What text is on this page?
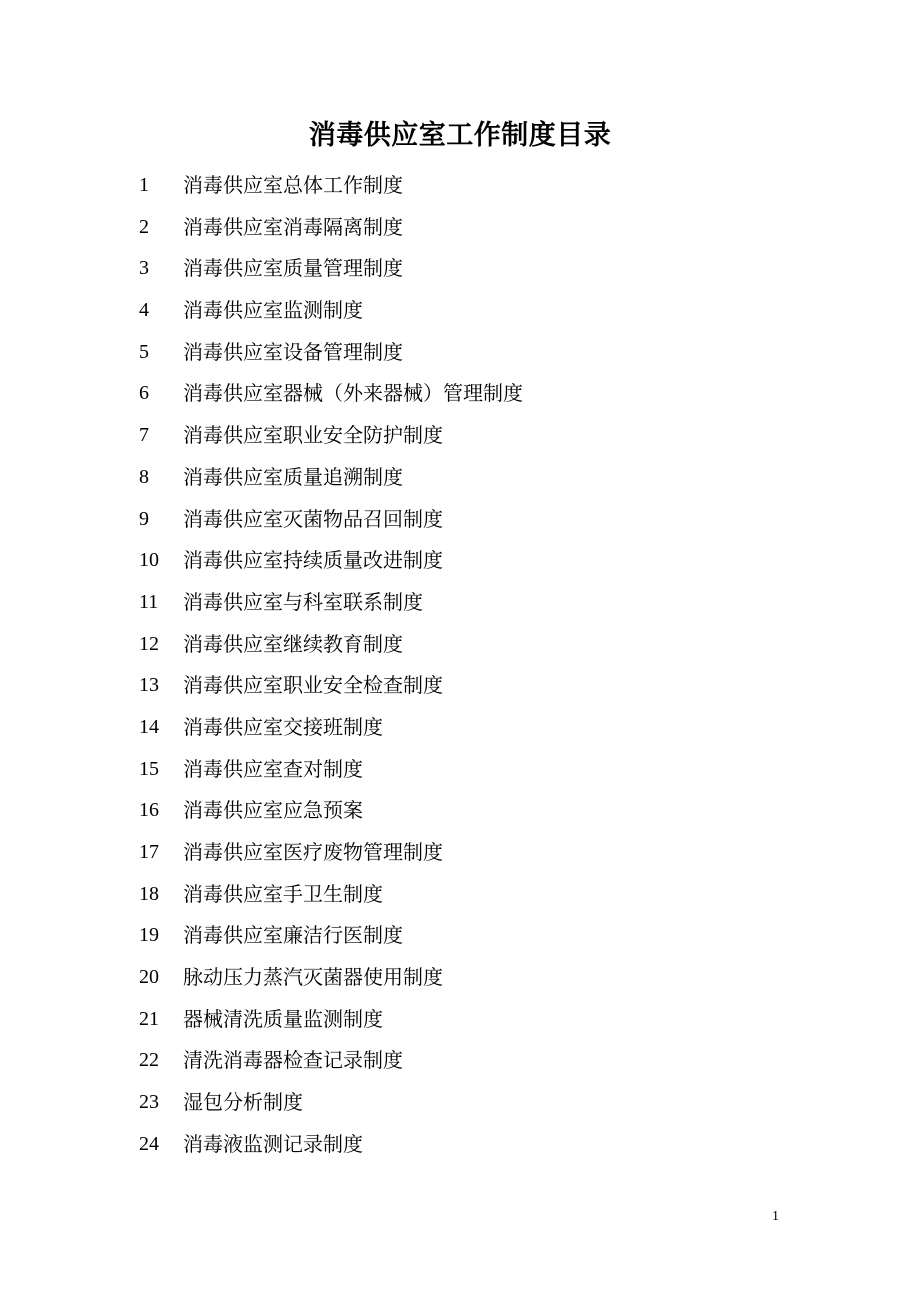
消毒供应室工作制度目录
1 消毒供应室总体工作制度
2 消毒供应室消毒隔离制度
3 消毒供应室质量管理制度
4 消毒供应室监测制度
5 消毒供应室设备管理制度
6 消毒供应室器械（外来器械）管理制度
7 消毒供应室职业安全防护制度
8 消毒供应室质量追溯制度
9 消毒供应室灭菌物品召回制度
10 消毒供应室持续质量改进制度
11 消毒供应室与科室联系制度
12 消毒供应室继续教育制度
13 消毒供应室职业安全检查制度
14 消毒供应室交接班制度
15 消毒供应室查对制度
16 消毒供应室应急预案
17 消毒供应室医疗废物管理制度
18 消毒供应室手卫生制度
19 消毒供应室廉洁行医制度
20 脉动压力蒸汽灭菌器使用制度
21 器械清洗质量监测制度
22 清洗消毒器检查记录制度
23 湿包分析制度
24 消毒液监测记录制度
1
